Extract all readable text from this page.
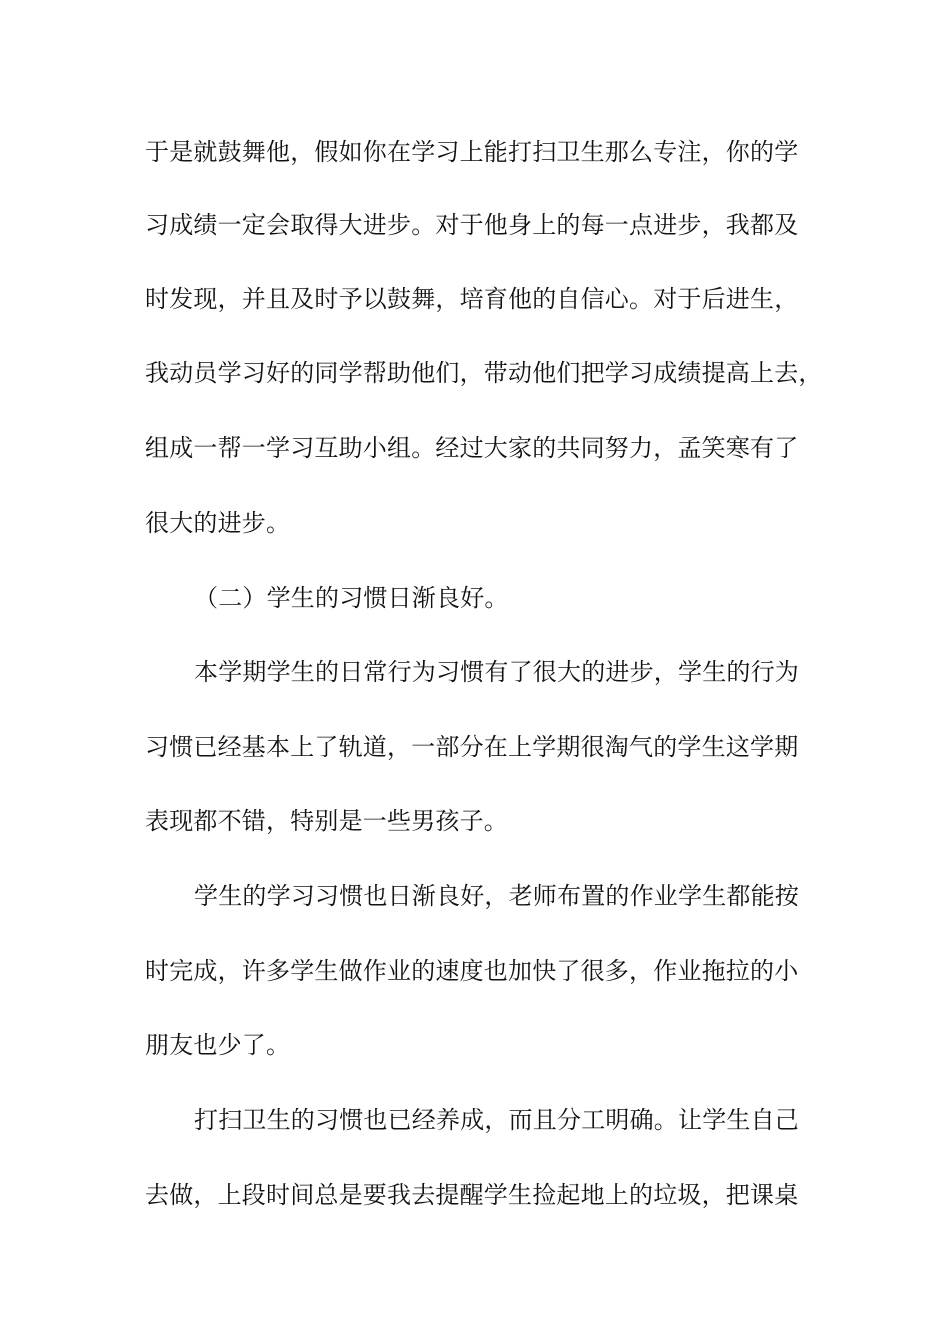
于是就鼓舞他，假如你在学习上能打扫卫生那么专注，你的学
习成绩一定会取得大进步。对于他身上的每一点进步，我都及
时发现，并且及时予以鼓舞，培育他的自信心。对于后进生，
我动员学习好的同学帮助他们，带动他们把学习成绩提高上去，
组成一帮一学习互助小组。经过大家的共同努力，孟笑寒有了
很大的进步。
（二）学生的习惯日渐良好。
本学期学生的日常行为习惯有了很大的进步，学生的行为
习惯已经基本上了轨道，一部分在上学期很淘气的学生这学期
表现都不错，特别是一些男孩子。
学生的学习习惯也日渐良好，老师布置的作业学生都能按
时完成，许多学生做作业的速度也加快了很多，作业拖拉的小
朋友也少了。
打扫卫生的习惯也已经养成，而且分工明确。让学生自己
去做，上段时间总是要我去提醒学生捡起地上的垃圾，把课桌
